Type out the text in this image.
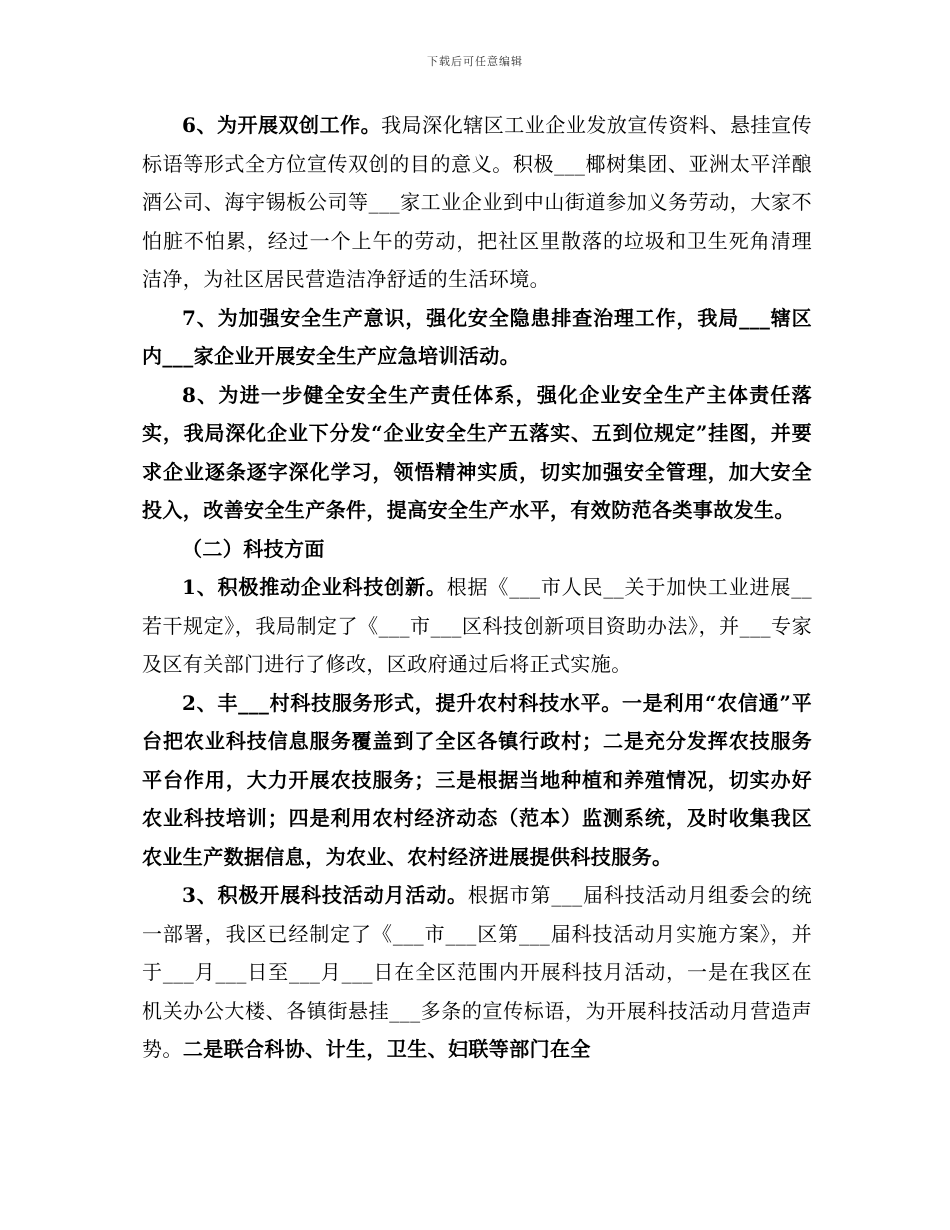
下载后可任意编辑

6、为开展双创工作。我局深化辖区工业企业发放宣传资料、悬挂宣传标语等形式全方位宣传双创的目的意义。积极___椰树集团、亚洲太平洋酿酒公司、海宇锡板公司等___家工业企业到中山街道参加义务劳动，大家不怕脏不怕累，经过一个上午的劳动，把社区里散落的垃圾和卫生死角清理洁净，为社区居民营造洁净舒适的生活环境。

7、为加强安全生产意识，强化安全隐患排查治理工作，我局___辖区内___家企业开展安全生产应急培训活动。

8、为进一步健全安全生产责任体系，强化企业安全生产主体责任落实，我局深化企业下分发“企业安全生产五落实、五到位规定”挂图，并要求企业逐条逐字深化学习，领悟精神实质，切实加强安全管理，加大安全投入，改善安全生产条件，提高安全生产水平，有效防范各类事故发生。

（二）科技方面

1、积极推动企业科技创新。根据《___市人民__关于加快工业进展__若干规定》，我局制定了《___市___区科技创新项目资助办法》，并___专家及区有关部门进行了修改，区政府通过后将正式实施。

2、丰___村科技服务形式，提升农村科技水平。一是利用“农信通”平台把农业科技信息服务覆盖到了全区各镇行政村；二是充分发挥农技服务平台作用，大力开展农技服务；三是根据当地种植和养殖情况，切实办好农业科技培训；四是利用农村经济动态（范本）监测系统，及时收集我区农业生产数据信息，为农业、农村经济进展提供科技服务。

3、积极开展科技活动月活动。根据市第___届科技活动月组委会的统一部署，我区已经制定了《___市___区第___届科技活动月实施方案》，并于___月___日至___月___日在全区范围内开展科技月活动，一是在我区在机关办公大楼、各镇街悬挂___多条的宣传标语，为开展科技活动月营造声势。二是联合科协、计生，卫生、妇联等部门在全
